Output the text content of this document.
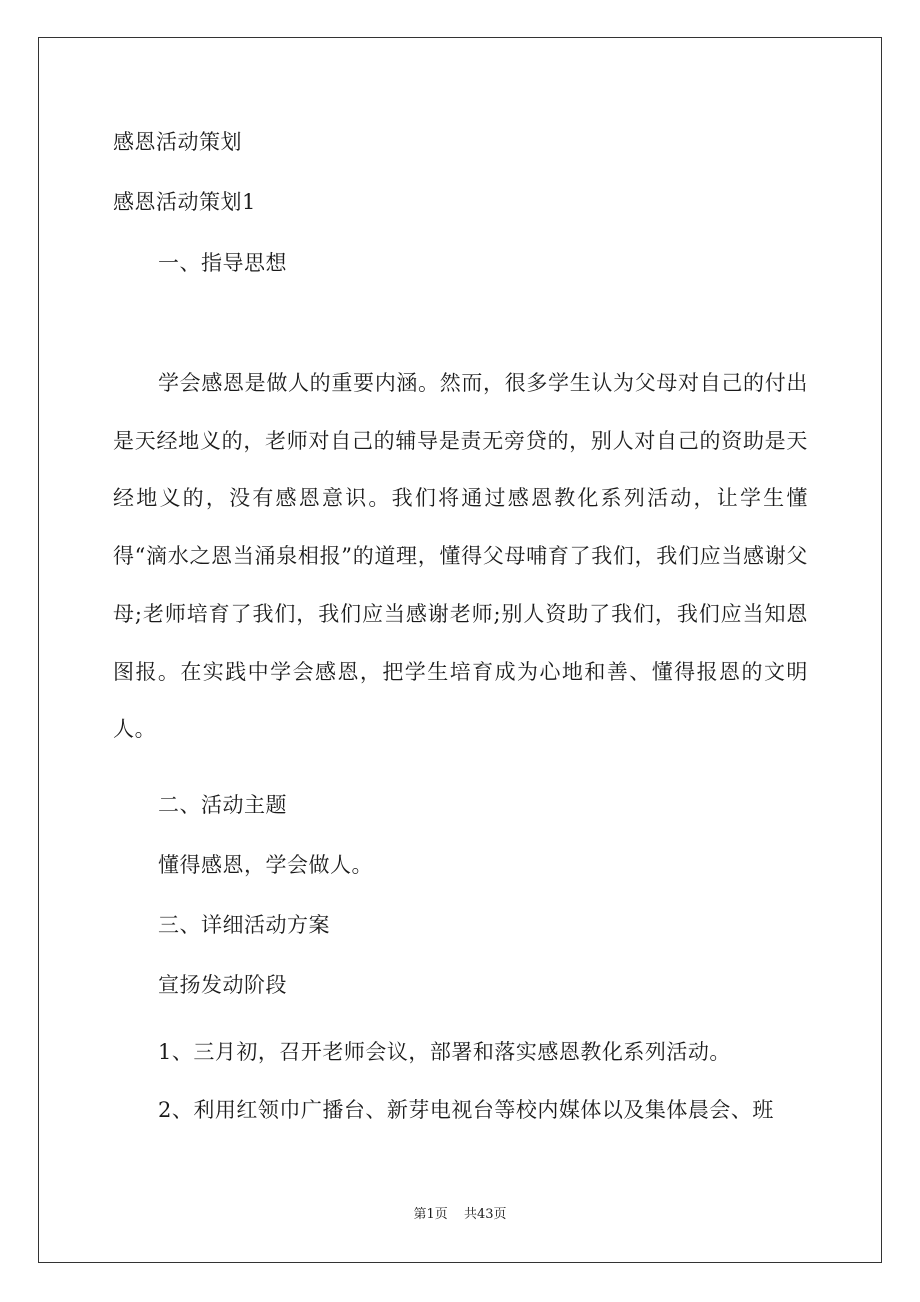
感恩活动策划
感恩活动策划1
一、指导思想
学会感恩是做人的重要内涵。然而，很多学生认为父母对自己的付出是天经地义的，老师对自己的辅导是责无旁贷的，别人对自己的资助是天经地义的，没有感恩意识。我们将通过感恩教化系列活动，让学生懂得“滴水之恩当涌泉相报”的道理，懂得父母哺育了我们，我们应当感谢父母;老师培育了我们，我们应当感谢老师;别人资助了我们，我们应当知恩图报。在实践中学会感恩，把学生培育成为心地和善、懂得报恩的文明人。
二、活动主题
懂得感恩，学会做人。
三、详细活动方案
宣扬发动阶段
1、三月初，召开老师会议，部署和落实感恩教化系列活动。
2、利用红领巾广播台、新芽电视台等校内媒体以及集体晨会、班
第1页 共43页
